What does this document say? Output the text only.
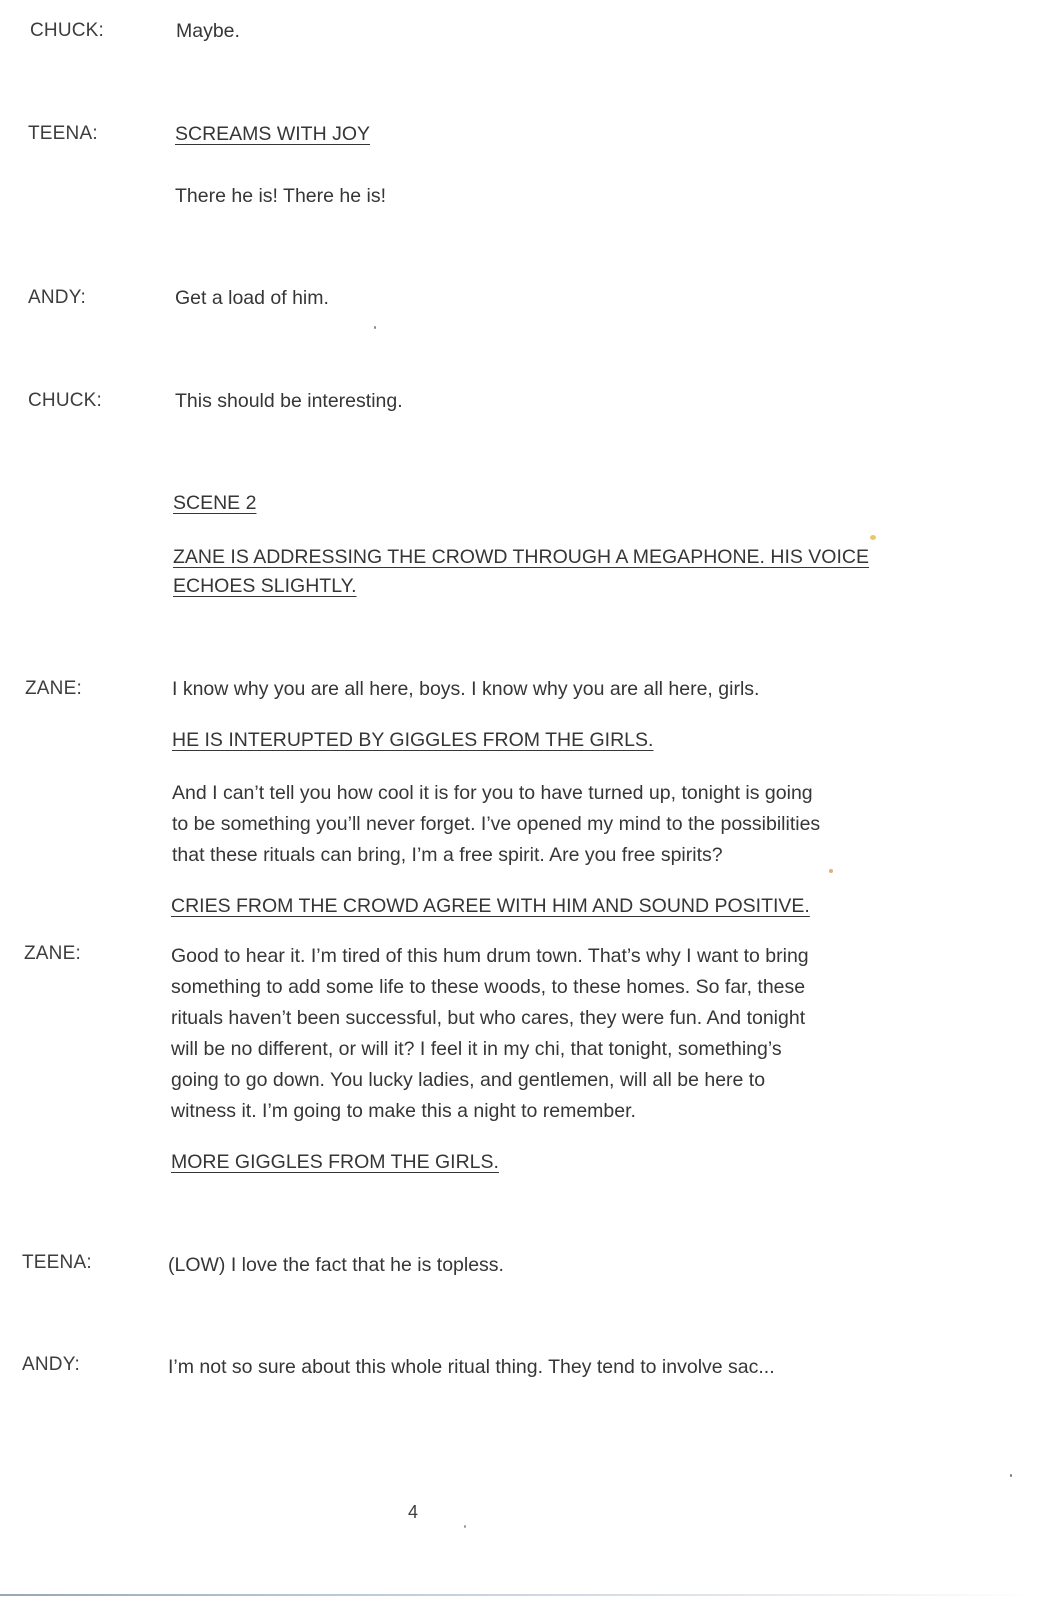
CHUCK:	Maybe.
TEENA:	SCREAMS WITH JOY
There he is! There he is!
ANDY:	Get a load of him.
CHUCK:	This should be interesting.
SCENE 2
ZANE IS ADDRESSING THE CROWD THROUGH A MEGAPHONE. HIS VOICE
ECHOES SLIGHTLY.
ZANE:	I know why you are all here, boys. I know why you are all here, girls.
HE IS INTERUPTED BY GIGGLES FROM THE GIRLS.
And I can’t tell you how cool it is for you to have turned up, tonight is going
to be something you’ll never forget. I’ve opened my mind to the possibilities
that these rituals can bring, I’m a free spirit. Are you free spirits?
CRIES FROM THE CROWD AGREE WITH HIM AND SOUND POSITIVE.
ZANE:	Good to hear it. I’m tired of this hum drum town. That’s why I want to bring
something to add some life to these woods, to these homes. So far, these
rituals haven’t been successful, but who cares, they were fun. And tonight
will be no different, or will it? I feel it in my chi, that tonight, something’s
going to go down. You lucky ladies, and gentlemen, will all be here to
witness it. I’m going to make this a night to remember.
MORE GIGGLES FROM THE GIRLS.
TEENA:	(LOW) I love the fact that he is topless.
ANDY:	I’m not so sure about this whole ritual thing. They tend to involve sac...
4
